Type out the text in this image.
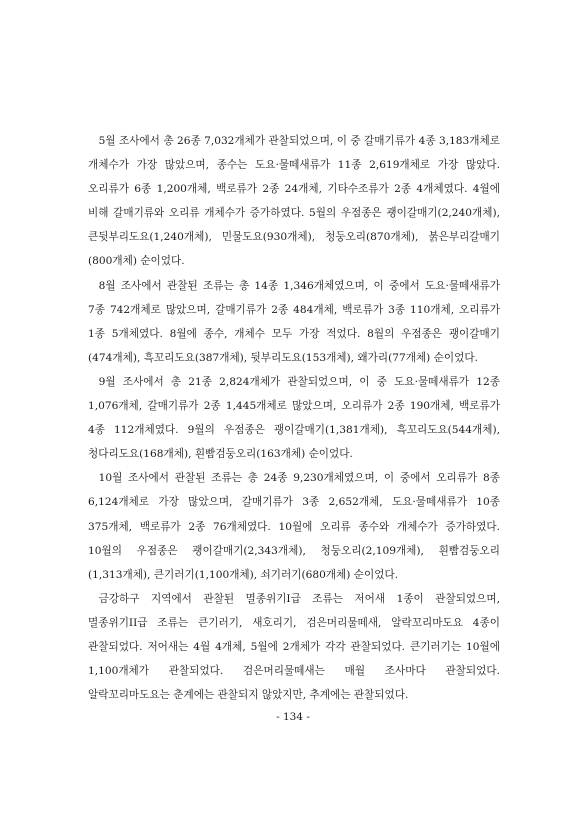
5월 조사에서 총 26종 7,032개체가 관찰되었으며, 이 중 갈매기류가 4종 3,183개체로 개체수가 가장 많았으며, 종수는 도요·물떼새류가 11종 2,619개체로 가장 많았다. 오리류가 6종 1,200개체, 백로류가 2종 24개체, 기타수조류가 2종 4개체였다. 4월에 비해 갈매기류와 오리류 개체수가 증가하였다. 5월의 우점종은 괭이갈매기(2,240개체), 큰뒷부리도요(1,240개체), 민물도요(930개체), 청둥오리(870개체), 붉은부리갈매기(800개체) 순이었다.

8월 조사에서 관찰된 조류는 총 14종 1,346개체였으며, 이 중에서 도요·물떼새류가 7종 742개체로 많았으며, 갈매기류가 2종 484개체, 백로류가 3종 110개체, 오리류가 1종 5개체였다. 8월에 종수, 개체수 모두 가장 적었다. 8월의 우점종은 괭이갈매기(474개체), 흑꼬리도요(387개체), 뒷부리도요(153개체), 왜가리(77개체) 순이었다.

9월 조사에서 총 21종 2,824개체가 관찰되었으며, 이 중 도요·물떼새류가 12종 1,076개체, 갈매기류가 2종 1,445개체로 많았으며, 오리류가 2종 190개체, 백로류가 4종 112개체였다. 9월의 우점종은 괭이갈매기(1,381개체), 흑꼬리도요(544개체), 청다리도요(168개체), 흰빰검둥오리(163개체) 순이었다.

10월 조사에서 관찰된 조류는 총 24종 9,230개체였으며, 이 중에서 오리류가 8종 6,124개체로 가장 많았으며, 갈매기류가 3종 2,652개체, 도요·물떼새류가 10종 375개체, 백로류가 2종 76개체였다. 10월에 오리류 종수와 개체수가 증가하였다. 10월의 우점종은 괭이갈매기(2,343개체), 청둥오리(2,109개체), 흰빰검둥오리(1,313개체), 큰기러기(1,100개체), 쇠기러기(680개체) 순이었다.

금강하구 지역에서 관찰된 멸종위기I급 조류는 저어새 1종이 관찰되었으며, 멸종위기II급 조류는 큰기러기, 새호리기, 검은머리물떼새, 알락꼬리마도요 4종이 관찰되었다. 저어새는 4월 4개체, 5월에 2개체가 각각 관찰되었다. 큰기러기는 10월에 1,100개체가 관찰되었다. 검은머리물떼새는 매월 조사마다 관찰되었다. 알락꼬리마도요는 춘계에는 관찰되지 않았지만, 추계에는 관찰되었다.

- 134 -
